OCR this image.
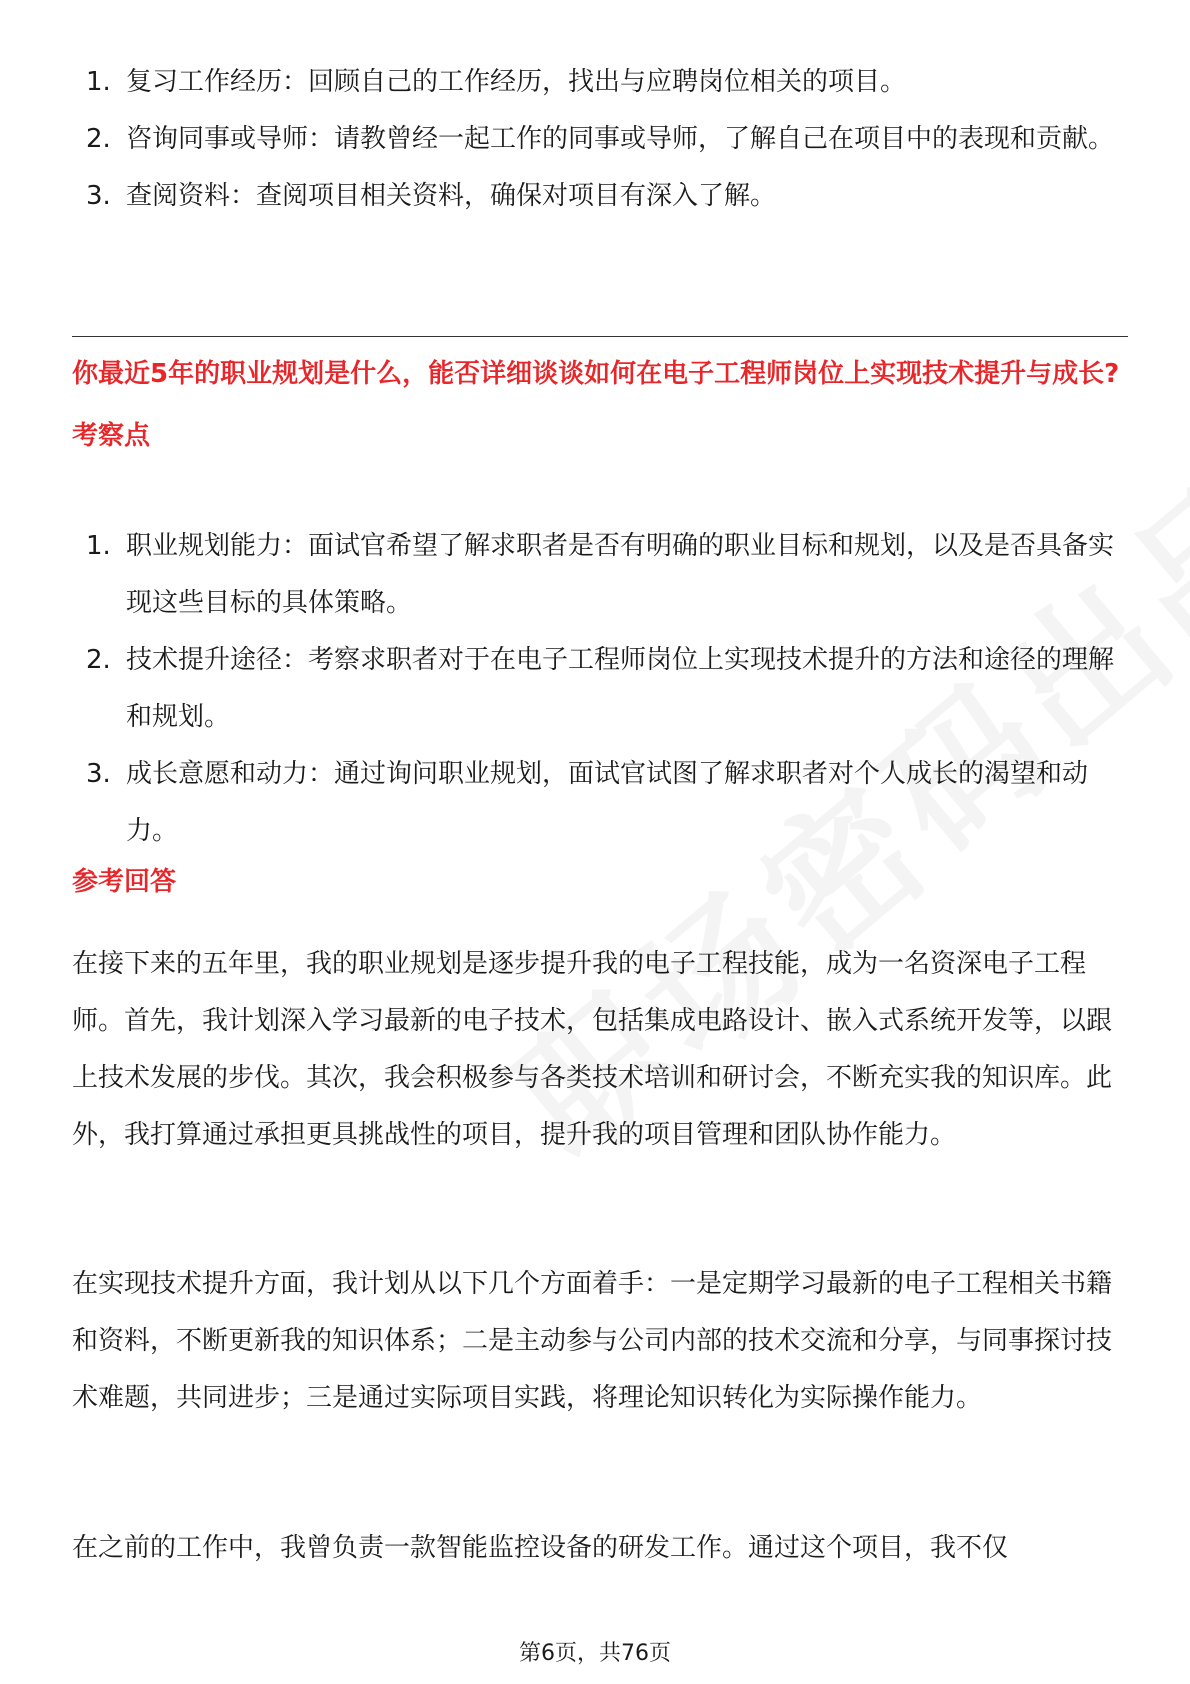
1. 复习工作经历：回顾自己的工作经历，找出与应聘岗位相关的项目。
2. 咨询同事或导师：请教曾经一起工作的同事或导师，了解自己在项目中的表现和贡献。
3. 查阅资料：查阅项目相关资料，确保对项目有深入了解。
你最近5年的职业规划是什么，能否详细谈谈如何在电子工程师岗位上实现技术提升与成长?
考察点
1. 职业规划能力：面试官希望了解求职者是否有明确的职业目标和规划，以及是否具备实现这些目标的具体策略。
2. 技术提升途径：考察求职者对于在电子工程师岗位上实现技术提升的方法和途径的理解和规划。
3. 成长意愿和动力：通过询问职业规划，面试官试图了解求职者对个人成长的渴望和动力。
参考回答

在接下来的五年里，我的职业规划是逐步提升我的电子工程技能，成为一名资深电子工程师。首先，我计划深入学习最新的电子技术，包括集成电路设计、嵌入式系统开发等，以跟上技术发展的步伐。其次，我会积极参与各类技术培训和研讨会，不断充实我的知识库。此外，我打算通过承担更具挑战性的项目，提升我的项目管理和团队协作能力。

在实现技术提升方面，我计划从以下几个方面着手：一是定期学习最新的电子工程相关书籍和资料，不断更新我的知识体系；二是主动参与公司内部的技术交流和分享，与同事探讨技术难题，共同进步；三是通过实际项目实践，将理论知识转化为实际操作能力。

在之前的工作中，我曾负责一款智能监控设备的研发工作。通过这个项目，我不仅

第6页，共76页
